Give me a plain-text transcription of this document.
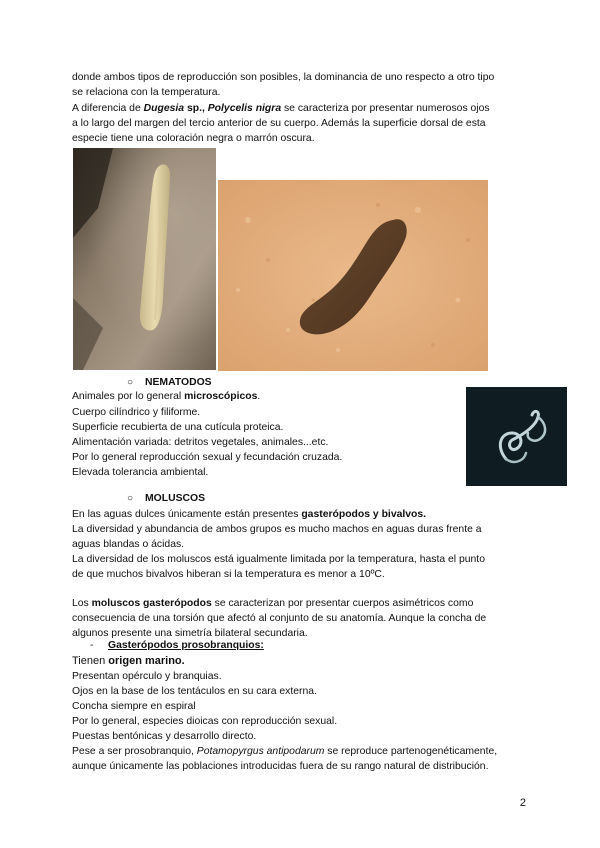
donde ambos tipos de reproducción son posibles, la dominancia de uno respecto a otro tipo
se relaciona con la temperatura.
A diferencia de Dugesia sp., Polycelis nigra se caracteriza por presentar numerosos ojos
a lo largo del margen del tercio anterior de su cuerpo. Además la superficie dorsal de esta
especie tiene una coloración negra o marrón oscura.
○ NEMATODOS
Animales por lo general microscópicos.
Cuerpo cilíndrico y filiforme.
Superficie recubierta de una cutícula proteica.
Alimentación variada: detritos vegetales, animales...etc.
Por lo general reproducción sexual y fecundación cruzada.
Elevada tolerancia ambiental.
○ MOLUSCOS
En las aguas dulces únicamente están presentes gasterópodos y bivalvos.
La diversidad y abundancia de ambos grupos es mucho machos en aguas duras frente a
aguas blandas o ácidas.
La diversidad de los moluscos está igualmente limitada por la temperatura, hasta el punto
de que muchos bivalvos hiberan si la temperatura es menor a 10ºC.
Los moluscos gasterópodos se caracterizan por presentar cuerpos asimétricos como
consecuencia de una torsión que afectó al conjunto de su anatomía. Aunque la concha de
algunos presente una simetría bilateral secundaria.
- Gasterópodos prosobranquios:
Tienen origen marino.
Presentan opérculo y branquias.
Ojos en la base de los tentáculos en su cara externa.
Concha siempre en espiral
Por lo general, especies dioicas con reproducción sexual.
Puestas bentónicas y desarrollo directo.
Pese a ser prosobranquio, Potamopyrgus antipodarum se reproduce partenogenéticamente,
aunque únicamente las poblaciones introducidas fuera de su rango natural de distribución.
2
